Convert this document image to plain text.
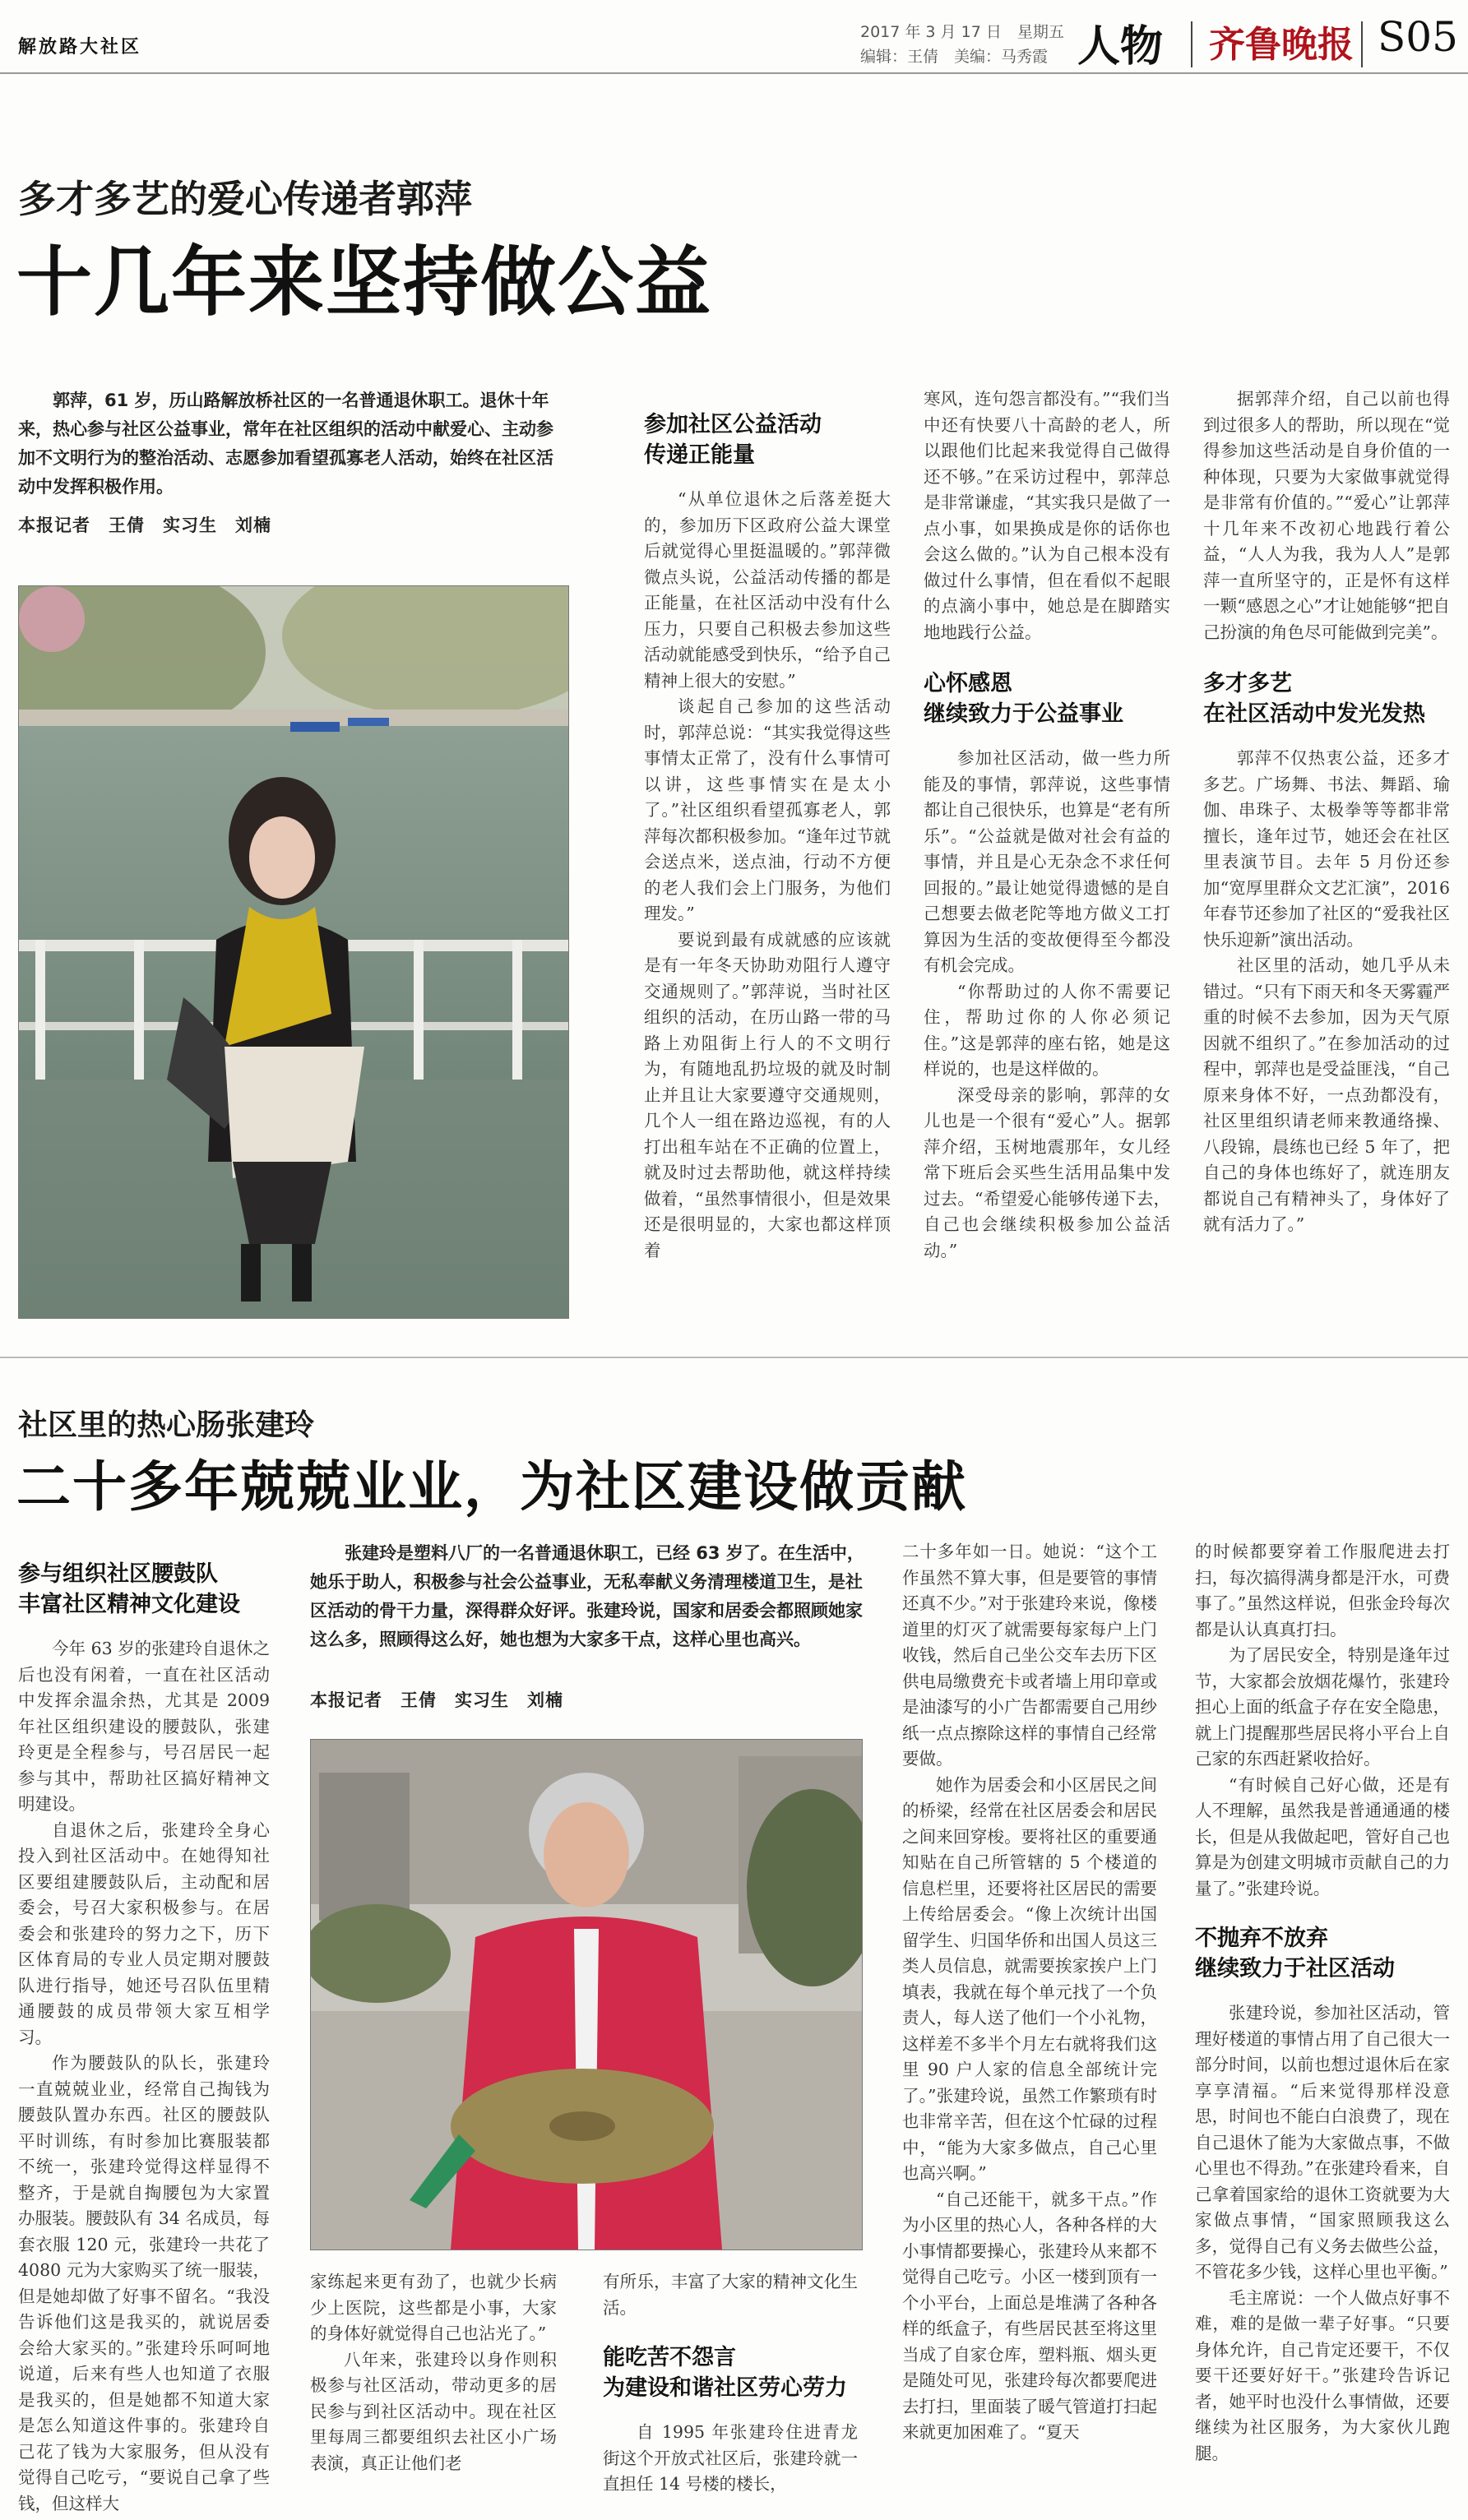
解放路大社区
2017 年 3 月 17 日　星期五
编辑：王倩　美编：马秀霞 人物 齐鲁晚报 S05
多才多艺的爱心传递者郭萍
十几年来坚持做公益

郭萍，61 岁，历山路解放桥社区的一名普通退休职工。退休十年来，热心参与社区公益事业，常年在社区组织的活动中献爱心、主动参加不文明行为的整治活动、志愿参加看望孤寡老人活动，始终在社区活动中发挥积极作用。

本报记者　王倩　实习生　刘楠
参加社区公益活动
传递正能量

“从单位退休之后落差挺大的，参加历下区政府公益大课堂后就觉得心里挺温暖的。”郭萍微微点头说，公益活动传播的都是正能量，在社区活动中没有什么压力，只要自己积极去参加这些活动就能感受到快乐，“给予自己精神上很大的安慰。”

谈起自己参加的这些活动时，郭萍总说：“其实我觉得这些事情太正常了，没有什么事情可以讲，这些事情实在是太小了。”社区组织看望孤寡老人，郭萍每次都积极参加。“逢年过节就会送点米，送点油，行动不方便的老人我们会上门服务，为他们理发。”

要说到最有成就感的应该就是有一年冬天协助劝阻行人遵守交通规则了。”郭萍说，当时社区组织的活动，在历山路一带的马路上劝阻街上行人的不文明行为，有随地乱扔垃圾的就及时制止并且让大家要遵守交通规则，几个人一组在路边巡视，有的人打出租车站在不正确的位置上，就及时过去帮助他，就这样持续做着，“虽然事情很小，但是效果还是很明显的，大家也都这样顶着

寒风，连句怨言都没有。”“我们当中还有快要八十高龄的老人，所以跟他们比起来我觉得自己做得还不够。”在采访过程中，郭萍总是非常谦虚，“其实我只是做了一点小事，如果换成是你的话你也会这么做的。”认为自己根本没有做过什么事情，但在看似不起眼的点滴小事中，她总是在脚踏实地地践行公益。

心怀感恩
继续致力于公益事业

参加社区活动，做一些力所能及的事情，郭萍说，这些事情都让自己很快乐，也算是“老有所乐”。“公益就是做对社会有益的事情，并且是心无杂念不求任何回报的。”最让她觉得遗憾的是自己想要去做老陀等地方做义工打算因为生活的变故便得至今都没有机会完成。

“你帮助过的人你不需要记住，帮助过你的人你必须记住。”这是郭萍的座右铭，她是这样说的，也是这样做的。

深受母亲的影响，郭萍的女儿也是一个很有“爱心”人。据郭萍介绍，玉树地震那年，女儿经常下班后会买些生活用品集中发过去。“希望爱心能够传递下去，自己也会继续积极参加公益活动。”

据郭萍介绍，自己以前也得到过很多人的帮助，所以现在“觉得参加这些活动是自身价值的一种体现，只要为大家做事就觉得是非常有价值的。”“爱心”让郭萍十几年来不改初心地践行着公益，“人人为我，我为人人”是郭萍一直所坚守的，正是怀有这样一颗“感恩之心”才让她能够“把自己扮演的角色尽可能做到完美”。

多才多艺
在社区活动中发光发热

郭萍不仅热衷公益，还多才多艺。广场舞、书法、舞蹈、瑜伽、串珠子、太极拳等等都非常擅长，逢年过节，她还会在社区里表演节目。去年 5 月份还参加“宽厚里群众文艺汇演”，2016 年春节还参加了社区的“爱我社区　快乐迎新”演出活动。

社区里的活动，她几乎从未错过。“只有下雨天和冬天雾霾严重的时候不去参加，因为天气原因就不组织了。”在参加活动的过程中，郭萍也是受益匪浅，“自己原来身体不好，一点劲都没有，社区里组织请老师来教通络操、八段锦，晨练也已经 5 年了，把自己的身体也练好了，就连朋友都说自己有精神头了，身体好了就有活力了。”

社区里的热心肠张建玲
二十多年兢兢业业，为社区建设做贡献
参与组织社区腰鼓队
丰富社区精神文化建设

今年 63 岁的张建玲自退休之后也没有闲着，一直在社区活动中发挥余温余热，尤其是 2009 年社区组织建设的腰鼓队，张建玲更是全程参与，号召居民一起参与其中，帮助社区搞好精神文明建设。

自退休之后，张建玲全身心投入到社区活动中。在她得知社区要组建腰鼓队后，主动配和居委会，号召大家积极参与。在居委会和张建玲的努力之下，历下区体育局的专业人员定期对腰鼓队进行指导，她还号召队伍里精通腰鼓的成员带领大家互相学习。

作为腰鼓队的队长，张建玲一直兢兢业业，经常自己掏钱为腰鼓队置办东西。社区的腰鼓队平时训练，有时参加比赛服装都不统一，张建玲觉得这样显得不整齐，于是就自掏腰包为大家置办服装。腰鼓队有 34 名成员，每套衣服 120 元，张建玲一共花了 4080 元为大家购买了统一服装，但是她却做了好事不留名。“我没告诉他们这是我买的，就说居委会给大家买的。”张建玲乐呵呵地说道，后来有些人也知道了衣服是我买的，但是她都不知道大家是怎么知道这件事的。张建玲自己花了钱为大家服务，但从没有觉得自己吃亏，“要说自己拿了些钱，但这样大

张建玲是塑料八厂的一名普通退休职工，已经 63 岁了。在生活中，她乐于助人，积极参与社会公益事业，无私奉献义务清理楼道卫生，是社区活动的骨干力量，深得群众好评。张建玲说，国家和居委会都照顾她家这么多，照顾得这么好，她也想为大家多干点，这样心里也高兴。

本报记者　王倩　实习生　刘楠

家练起来更有劲了，也就少长病少上医院，这些都是小事，大家的身体好就觉得自己也沾光了。”

八年来，张建玲以身作则积极参与社区活动，带动更多的居民参与到社区活动中。现在社区里每周三都要组织去社区小广场表演，真正让他们老

有所乐，丰富了大家的精神文化生活。

能吃苦不怨言
为建设和谐社区劳心劳力

自 1995 年张建玲住进青龙街这个开放式社区后，张建玲就一直担任 14 号楼的楼长，

二十多年如一日。她说：“这个工作虽然不算大事，但是要管的事情还真不少。”对于张建玲来说，像楼道里的灯灭了就需要每家每户上门收钱，然后自己坐公交车去历下区供电局缴费充卡或者墙上用印章或是油漆写的小广告都需要自己用纱纸一点点擦除这样的事情自己经常要做。

她作为居委会和小区居民之间的桥梁，经常在社区居委会和居民之间来回穿梭。要将社区的重要通知贴在自己所管辖的 5 个楼道的信息栏里，还要将社区居民的需要上传给居委会。“像上次统计出国留学生、归国华侨和出国人员这三类人员信息，就需要挨家挨户上门填表，我就在每个单元找了一个负责人，每人送了他们一个小礼物，这样差不多半个月左右就将我们这里 90 户人家的信息全部统计完了。”张建玲说，虽然工作繁琐有时也非常辛苦，但在这个忙碌的过程中，“能为大家多做点，自己心里也高兴啊。”

“自己还能干，就多干点。”作为小区里的热心人，各种各样的大小事情都要操心，张建玲从来都不觉得自己吃亏。小区一楼到顶有一个小平台，上面总是堆满了各种各样的纸盒子，有些居民甚至将这里当成了自家仓库，塑料瓶、烟头更是随处可见，张建玲每次都要爬进去打扫，里面装了暖气管道打扫起来就更加困难了。“夏天

的时候都要穿着工作服爬进去打扫，每次搞得满身都是汗水，可费事了。”虽然这样说，但张金玲每次都是认认真真打扫。

为了居民安全，特别是逢年过节，大家都会放烟花爆竹，张建玲担心上面的纸盒子存在安全隐患，就上门提醒那些居民将小平台上自己家的东西赶紧收拾好。

“有时候自己好心做，还是有人不理解，虽然我是普通通通的楼长，但是从我做起吧，管好自己也算是为创建文明城市贡献自己的力量了。”张建玲说。

不抛弃不放弃
继续致力于社区活动

张建玲说，参加社区活动，管理好楼道的事情占用了自己很大一部分时间，以前也想过退休后在家享享清福。“后来觉得那样没意思，时间也不能白白浪费了，现在自己退休了能为大家做点事，不做心里也不得劲。”在张建玲看来，自己拿着国家给的退休工资就要为大家做点事情，“国家照顾我这么多，觉得自己有义务去做些公益，不管花多少钱，这样心里也平衡。”

毛主席说：一个人做点好事不难，难的是做一辈子好事。“只要身体允许，自己肯定还要干，不仅要干还要好好干。”张建玲告诉记者，她平时也没什么事情做，还要继续为社区服务，为大家伙儿跑腿。
